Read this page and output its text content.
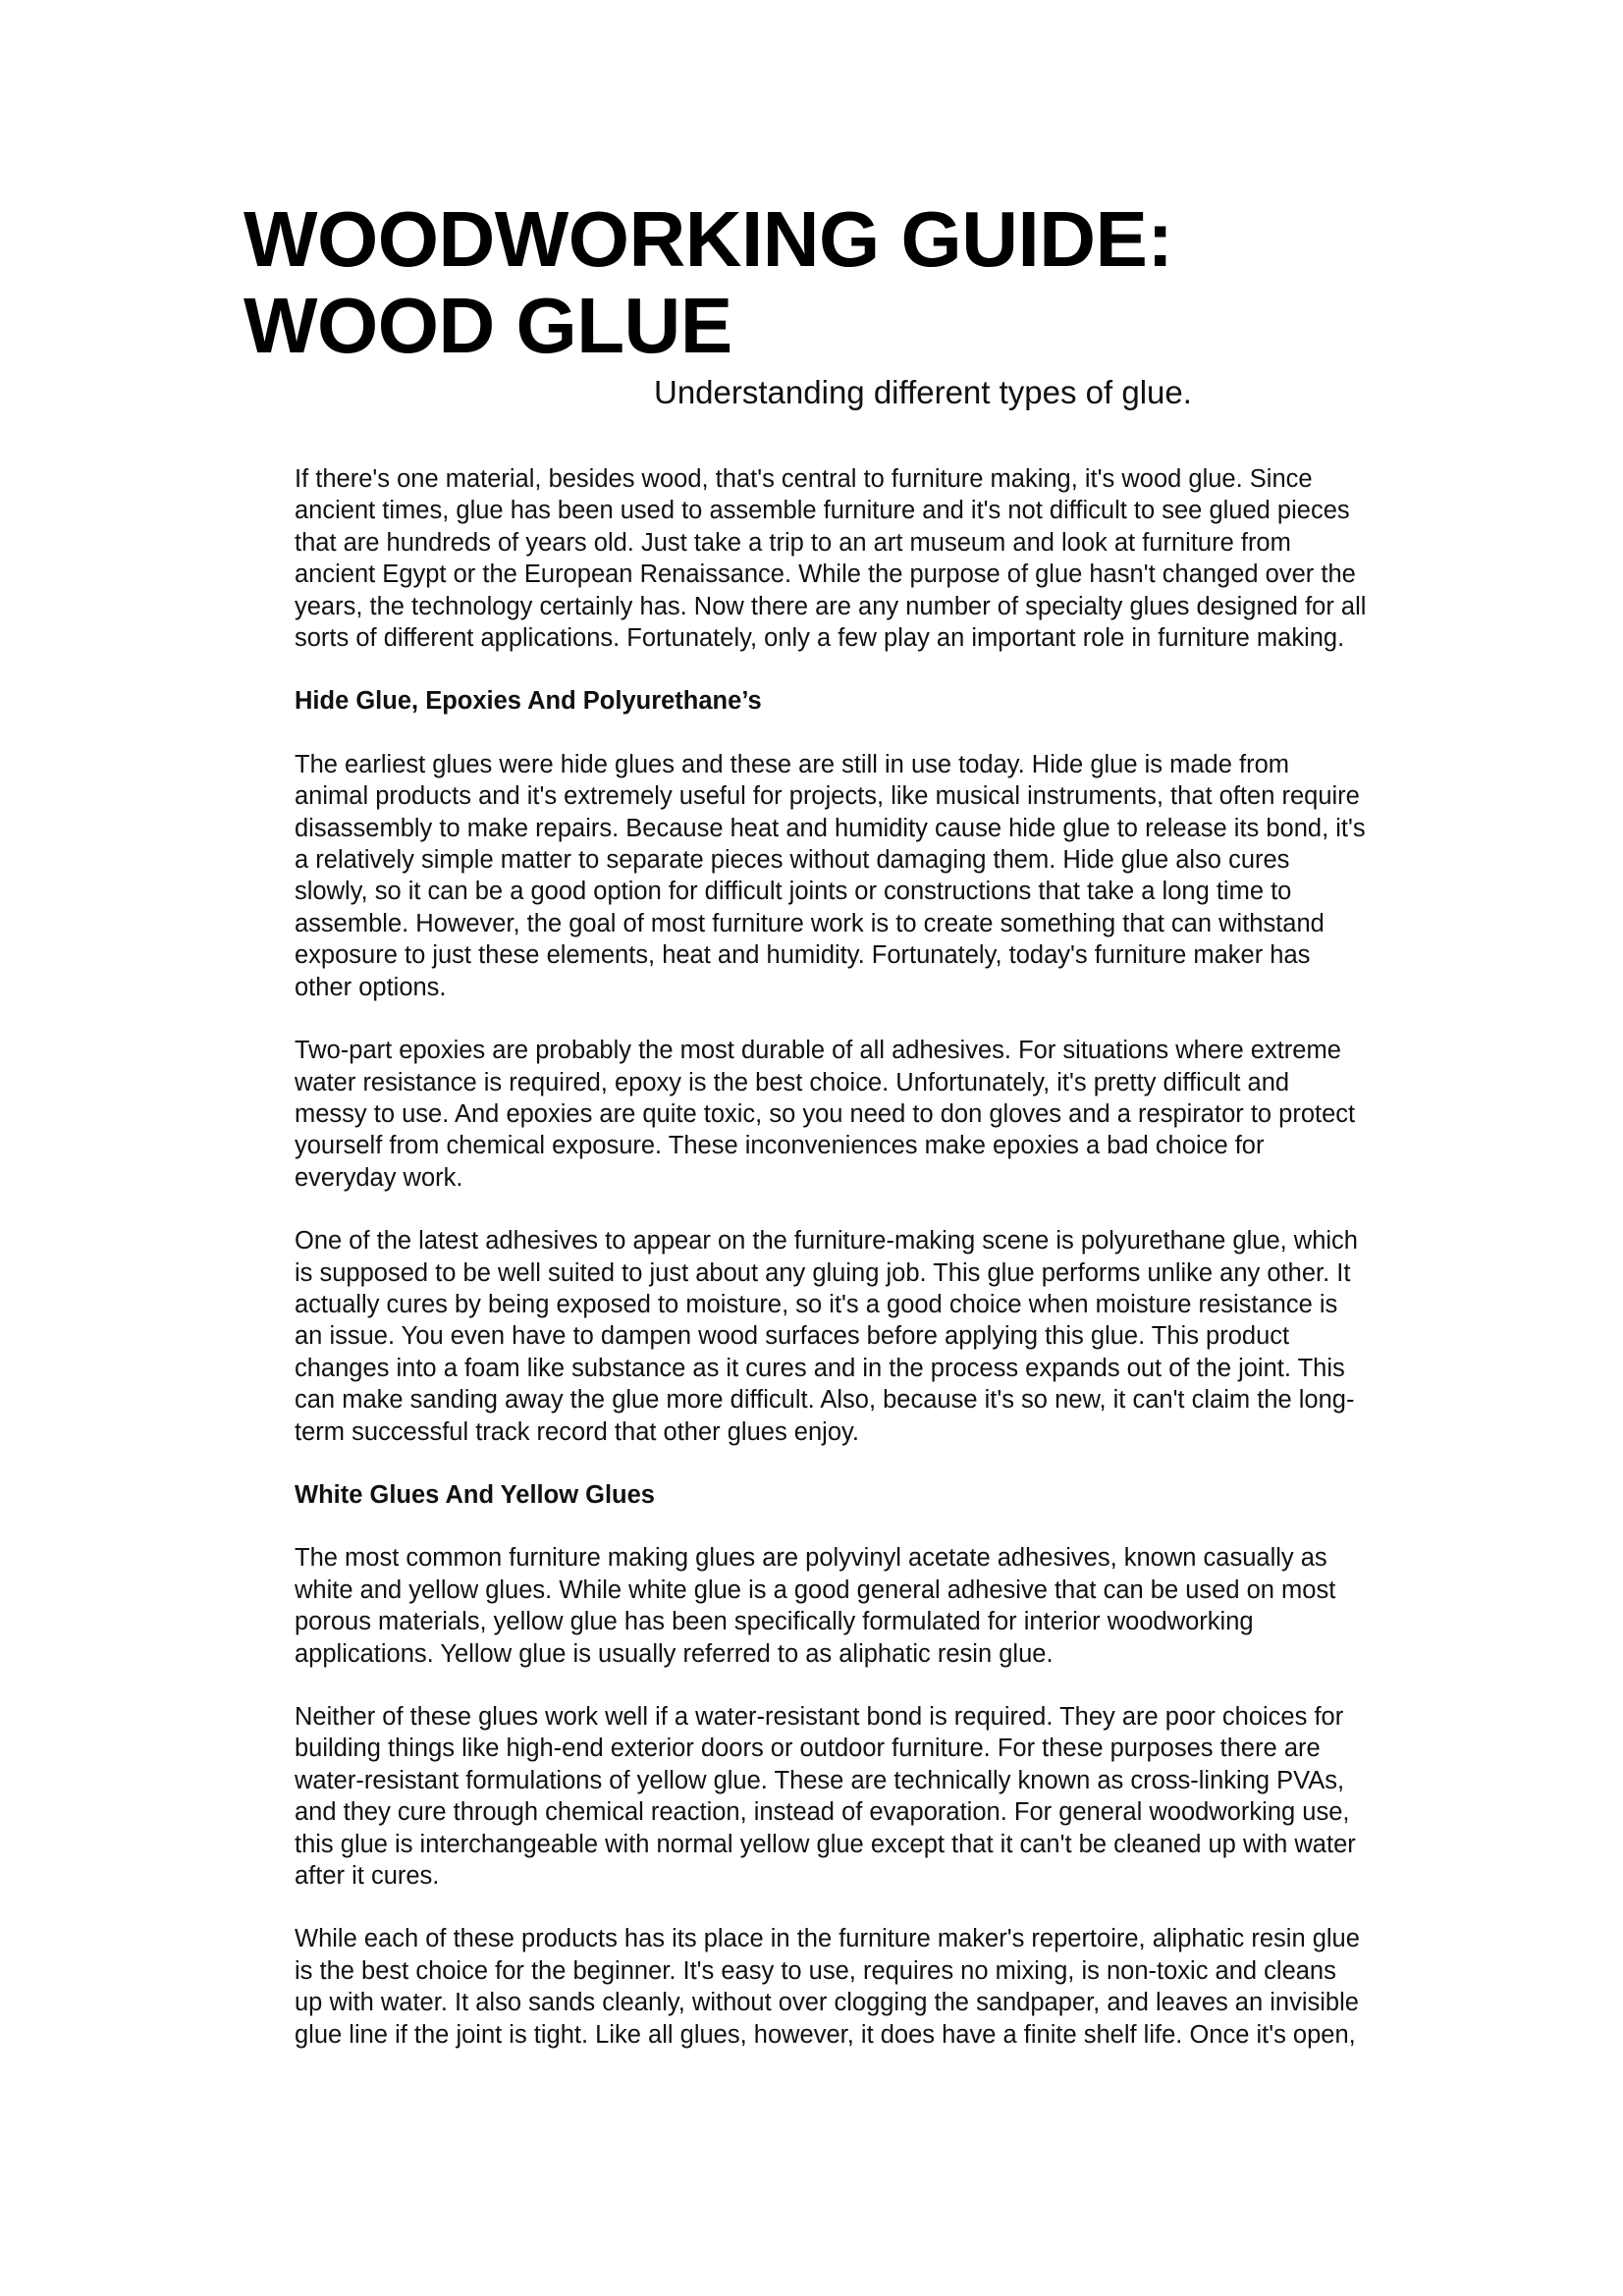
WOODWORKING GUIDE:
WOOD GLUE
Understanding different types of glue.

If there's one material, besides wood, that's central to furniture making, it's wood glue. Since
ancient times, glue has been used to assemble furniture and it's not difficult to see glued pieces
that are hundreds of years old. Just take a trip to an art museum and look at furniture from
ancient Egypt or the European Renaissance. While the purpose of glue hasn't changed over the
years, the technology certainly has. Now there are any number of specialty glues designed for all
sorts of different applications. Fortunately, only a few play an important role in furniture making.

Hide Glue, Epoxies And Polyurethane’s

The earliest glues were hide glues and these are still in use today. Hide glue is made from
animal products and it's extremely useful for projects, like musical instruments, that often require
disassembly to make repairs. Because heat and humidity cause hide glue to release its bond, it's
a relatively simple matter to separate pieces without damaging them. Hide glue also cures
slowly, so it can be a good option for difficult joints or constructions that take a long time to
assemble. However, the goal of most furniture work is to create something that can withstand
exposure to just these elements, heat and humidity. Fortunately, today's furniture maker has
other options.

Two-part epoxies are probably the most durable of all adhesives. For situations where extreme
water resistance is required, epoxy is the best choice. Unfortunately, it's pretty difficult and
messy to use. And epoxies are quite toxic, so you need to don gloves and a respirator to protect
yourself from chemical exposure. These inconveniences make epoxies a bad choice for
everyday work.

One of the latest adhesives to appear on the furniture-making scene is polyurethane glue, which
is supposed to be well suited to just about any gluing job. This glue performs unlike any other. It
actually cures by being exposed to moisture, so it's a good choice when moisture resistance is
an issue. You even have to dampen wood surfaces before applying this glue. This product
changes into a foam like substance as it cures and in the process expands out of the joint. This
can make sanding away the glue more difficult. Also, because it's so new, it can't claim the long-
term successful track record that other glues enjoy.

White Glues And Yellow Glues

The most common furniture making glues are polyvinyl acetate adhesives, known casually as
white and yellow glues. While white glue is a good general adhesive that can be used on most
porous materials, yellow glue has been specifically formulated for interior woodworking
applications. Yellow glue is usually referred to as aliphatic resin glue.

Neither of these glues work well if a water-resistant bond is required. They are poor choices for
building things like high-end exterior doors or outdoor furniture. For these purposes there are
water-resistant formulations of yellow glue. These are technically known as cross-linking PVAs,
and they cure through chemical reaction, instead of evaporation. For general woodworking use,
this glue is interchangeable with normal yellow glue except that it can't be cleaned up with water
after it cures.

While each of these products has its place in the furniture maker's repertoire, aliphatic resin glue
is the best choice for the beginner. It's easy to use, requires no mixing, is non-toxic and cleans
up with water. It also sands cleanly, without over clogging the sandpaper, and leaves an invisible
glue line if the joint is tight. Like all glues, however, it does have a finite shelf life. Once it's open,
